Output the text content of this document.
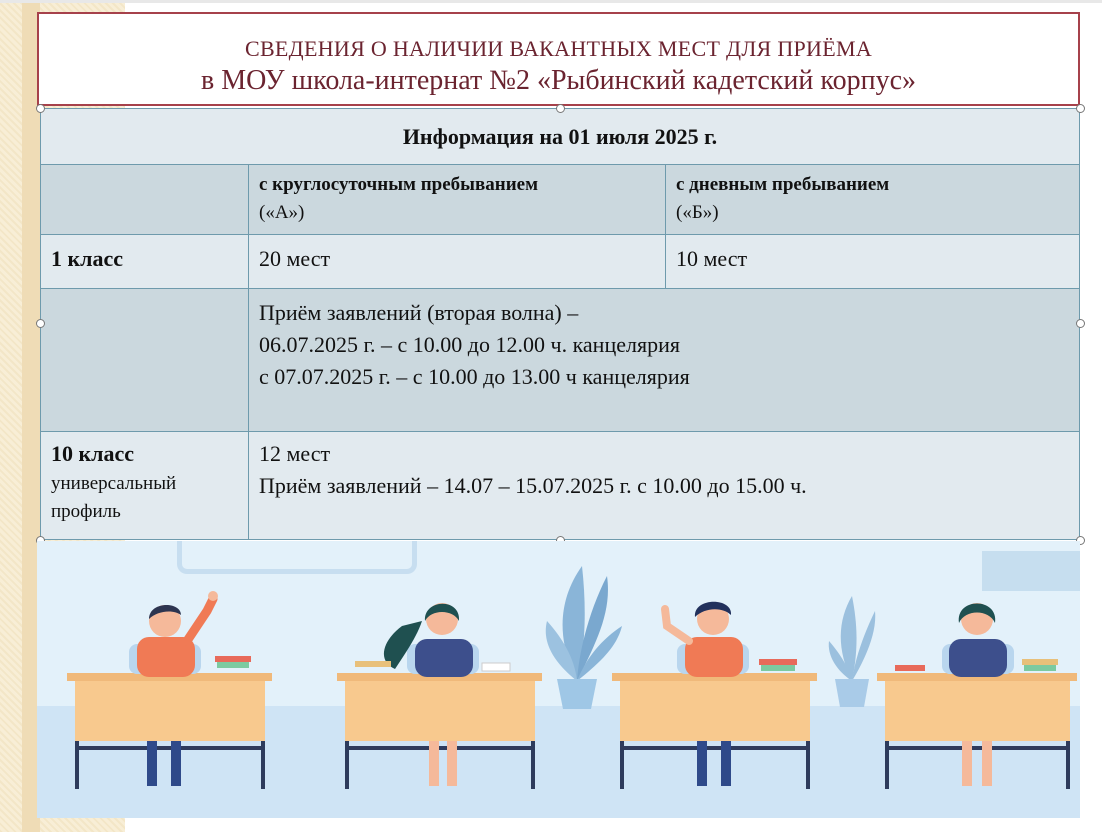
СВЕДЕНИЯ О НАЛИЧИИ ВАКАНТНЫХ МЕСТ ДЛЯ ПРИЁМА
в МОУ школа-интернат №2 «Рыбинский кадетский корпус»
Информация на 01 июля 2025 г.
с круглосуточным пребыванием
(«А»)
с дневным пребыванием
(«Б»)
1 класс	20 мест	10 мест
Приём заявлений (вторая волна) –
06.07.2025 г. – с 10.00 до 12.00 ч. канцелярия
с 07.07.2025 г. – с 10.00 до 13.00 ч канцелярия
10 класс
универсальный
профиль
12 мест
Приём заявлений – 14.07 – 15.07.2025 г. с 10.00 до 15.00 ч.
